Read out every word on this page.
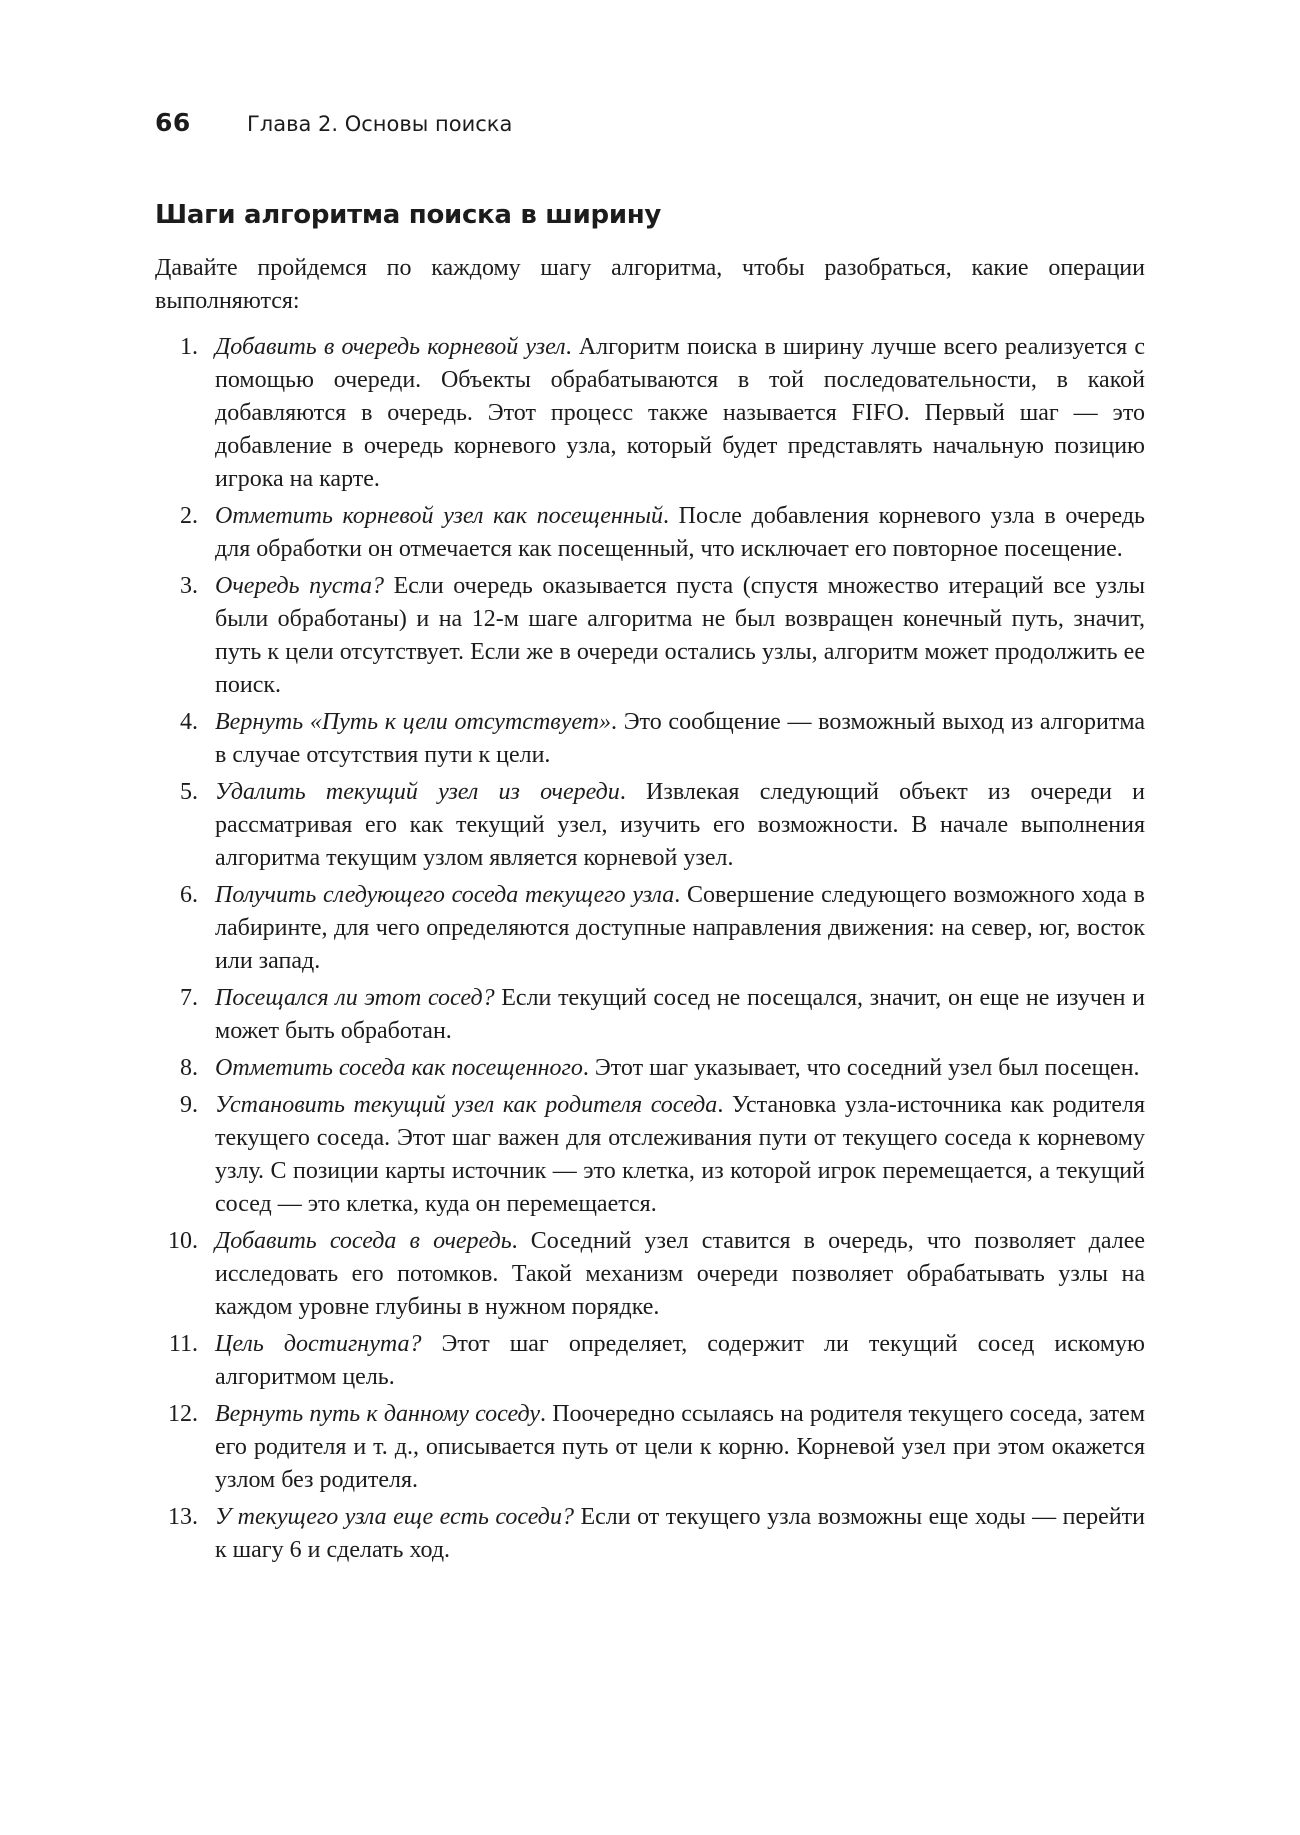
66	Глава 2. Основы поиска
Шаги алгоритма поиска в ширину

Давайте пройдемся по каждому шагу алгоритма, чтобы разобраться, какие операции выполняются:

1. Добавить в очередь корневой узел. Алгоритм поиска в ширину лучше всего реализуется с помощью очереди. Объекты обрабатываются в той последовательности, в какой добавляются в очередь. Этот процесс также называется FIFO. Первый шаг — это добавление в очередь корневого узла, который будет представлять начальную позицию игрока на карте.
2. Отметить корневой узел как посещенный. После добавления корневого узла в очередь для обработки он отмечается как посещенный, что исключает его повторное посещение.
3. Очередь пуста? Если очередь оказывается пуста (спустя множество итераций все узлы были обработаны) и на 12-м шаге алгоритма не был возвращен конечный путь, значит, путь к цели отсутствует. Если же в очереди остались узлы, алгоритм может продолжить ее поиск.
4. Вернуть «Путь к цели отсутствует». Это сообщение — возможный выход из алгоритма в случае отсутствия пути к цели.
5. Удалить текущий узел из очереди. Извлекая следующий объект из очереди и рассматривая его как текущий узел, изучить его возможности. В начале выполнения алгоритма текущим узлом является корневой узел.
6. Получить следующего соседа текущего узла. Совершение следующего возможного хода в лабиринте, для чего определяются доступные направления движения: на север, юг, восток или запад.
7. Посещался ли этот сосед? Если текущий сосед не посещался, значит, он еще не изучен и может быть обработан.
8. Отметить соседа как посещенного. Этот шаг указывает, что соседний узел был посещен.
9. Установить текущий узел как родителя соседа. Установка узла-источника как родителя текущего соседа. Этот шаг важен для отслеживания пути от текущего соседа к корневому узлу. С позиции карты источник — это клетка, из которой игрок перемещается, а текущий сосед — это клетка, куда он перемещается.
10. Добавить соседа в очередь. Соседний узел ставится в очередь, что позволяет далее исследовать его потомков. Такой механизм очереди позволяет обрабатывать узлы на каждом уровне глубины в нужном порядке.
11. Цель достигнута? Этот шаг определяет, содержит ли текущий сосед искомую алгоритмом цель.
12. Вернуть путь к данному соседу. Поочередно ссылаясь на родителя текущего соседа, затем его родителя и т. д., описывается путь от цели к корню. Корневой узел при этом окажется узлом без родителя.
13. У текущего узла еще есть соседи? Если от текущего узла возможны еще ходы — перейти к шагу 6 и сделать ход.
